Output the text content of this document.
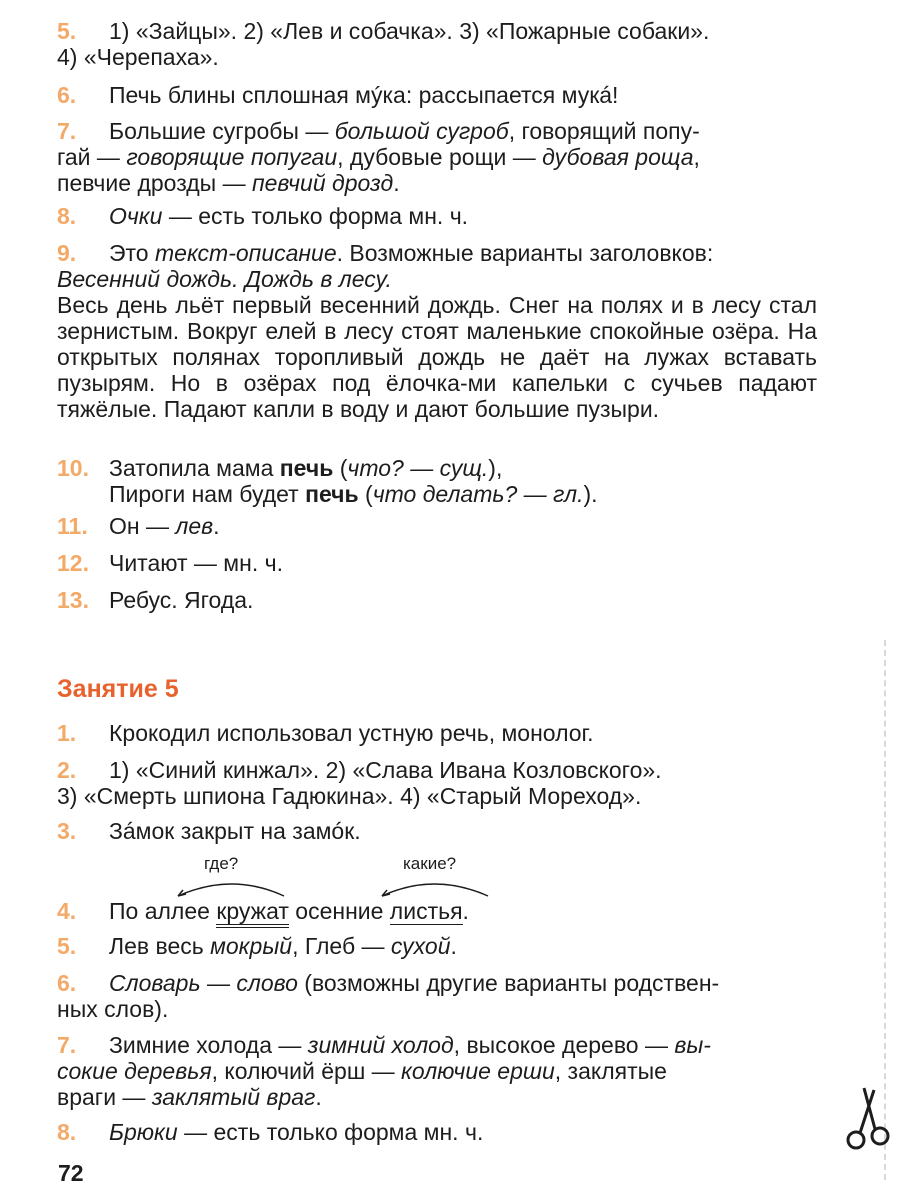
5.	1) «Зайцы». 2) «Лев и собачка». 3) «Пожарные собаки».
4) «Черепаха».
6.	Печь блины сплошная мýка: рассыпается мукá!
7.	Большие сугробы — большой сугроб, говорящий попу-
гай — говорящие попугаи, дубовые рощи — дубовая роща,
певчие дрозды — певчий дрозд.
8.	Очки — есть только форма мн. ч.
9.	Это текст-описание. Возможные варианты заголовков:
Весенний дождь. Дождь в лесу.
Весь день льёт первый весенний дождь. Снег на полях и в лесу стал зернистым. Вокруг елей в лесу стоят маленькие спокойные озёра. На открытых полянах торопливый дождь не даёт на лужах вставать пузырям. Но в озёрах под ёлочка-ми капельки с сучьев падают тяжёлые. Падают капли в воду и дают большие пузыри.
10. Затопила мама печь (что? — сущ.),
Пироги нам будет печь (что делать? — гл.).
11. Он — лев.
12. Читают — мн. ч.
13. Ребус. Ягода.
Занятие 5
1.	Крокодил использовал устную речь, монолог.
2.	1) «Синий кинжал». 2) «Слава Ивана Козловского».
3) «Смерть шпиона Гадюкина». 4) «Старый Мореход».
3.	Зáмок закрыт на замóк.
где?	какие?
4.	По аллее кружат осенние листья.
5.	Лев весь мокрый, Глеб — сухой.
6.	Словарь — слово (возможны другие варианты родствен-
ных слов).
7.	Зимние холода — зимний холод, высокое дерево — вы-
сокие деревья, колючий ёрш — колючие ерши, заклятые
враги — заклятый враг.
8.	Брюки — есть только форма мн. ч.
72
